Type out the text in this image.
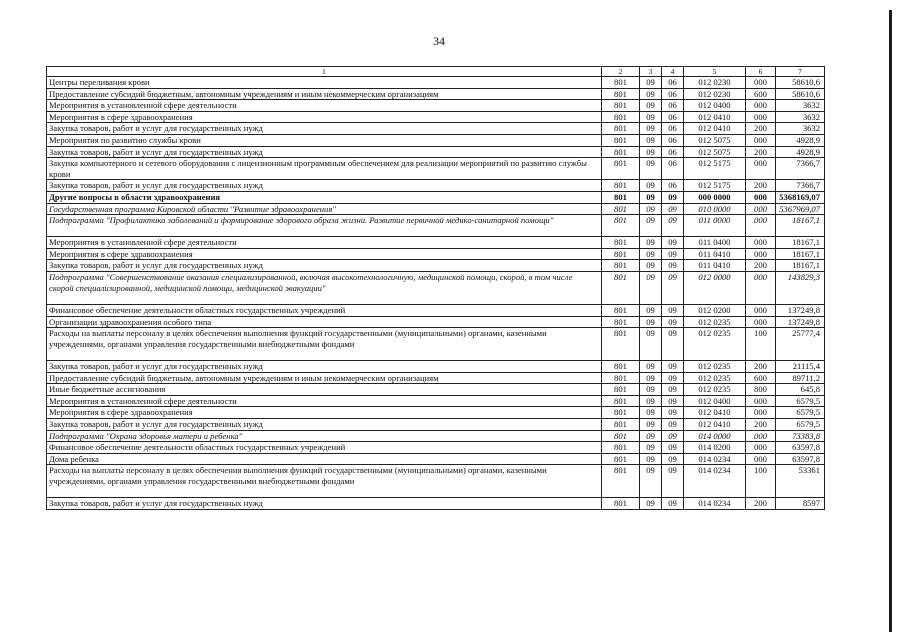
34
1	2	3	4	5	6	7
Центры переливания крови	801	09	06	012 0230	000	58610,6
Предоставление субсидий бюджетным, автономным учреждениям и иным некоммерческим организациям	801	09	06	012 0230	600	58610,6
Мероприятия в установленной сфере деятельности	801	09	06	012 0400	000	3632
Мероприятия в сфере здравоохранения	801	09	06	012 0410	000	3632
Закупка товаров, работ и услуг для государственных нужд	801	09	06	012 0410	200	3632
Мероприятия по развитию службы крови	801	09	06	012 5075	000	4928,9
Закупка товаров, работ и услуг для государственных нужд	801	09	06	012 5075	200	4928,9
Закупка компьютерного и сетевого оборудования с лицензионным программным обеспечением для реализации мероприятий по развитию службы крови	801	09	06	012 5175	000	7366,7
Закупка товаров, работ и услуг для государственных нужд	801	09	06	012 5175	200	7366,7
Другие вопросы в области здравоохранения	801	09	09	000 0000	000	5368169,07
Государственная программа Кировской области "Развитие здравоохранения"	801	09	09	010 0000	000	5367969,07
Подпрограмма "Профилактика заболеваний и формирование здорового образа жизни. Развитие первичной медико-санитарной помощи"	801	09	09	011 0000	000	18167,1
Мероприятия в установленной сфере деятельности	801	09	09	011 0400	000	18167,1
Мероприятия в сфере здравоохранения	801	09	09	011 0410	000	18167,1
Закупка товаров, работ и услуг для государственных нужд	801	09	09	011 0410	200	18167,1
Подпрограмма "Совершенствование оказания специализированной, включая высокотехнологичную, медицинской помощи, скорой, в том числе скорой специализированной, медицинской помощи, медицинской эвакуации"	801	09	09	012 0000	000	143829,3
Финансовое обеспечение деятельности областных государственных учреждений	801	09	09	012 0200	000	137249,8
Организации здравоохранения особого типа	801	09	09	012 0235	000	137249,8
Расходы на выплаты персоналу в целях обеспечения выполнения функций государственными (муниципальными) органами, казенными учреждениями, органами управления государственными внебюджетными фондами	801	09	09	012 0235	100	25777,4
Закупка товаров, работ и услуг для государственных нужд	801	09	09	012 0235	200	21115,4
Предоставление субсидий бюджетным, автономным учреждениям и иным некоммерческим организациям	801	09	09	012 0235	600	89711,2
Иные бюджетные ассигнования	801	09	09	012 0235	800	645,8
Мероприятия в установленной сфере деятельности	801	09	09	012 0400	000	6579,5
Мероприятия в сфере здравоохранения	801	09	09	012 0410	000	6579,5
Закупка товаров, работ и услуг для государственных нужд	801	09	09	012 0410	200	6579,5
Подпрограмма "Охрана здоровья матери и ребенка"	801	09	09	014 0000	000	73383,8
Финансовое обеспечение деятельности областных государственных учреждений	801	09	09	014 0200	000	63597,8
Дома ребенка	801	09	09	014 0234	000	63597,8
Расходы на выплаты персоналу в целях обеспечения выполнения функций государственными (муниципальными) органами, казенными учреждениями, органами управления государственными внебюджетными фондами	801	09	09	014 0234	100	53361
Закупка товаров, работ и услуг для государственных нужд	801	09	09	014 0234	200	8597
